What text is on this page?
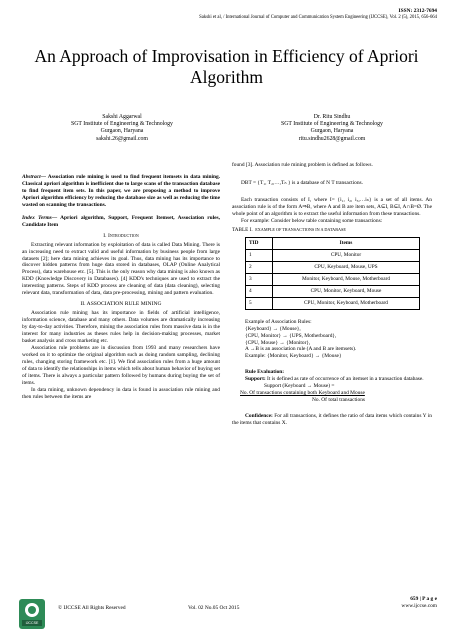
ISSN: 2312-7694
Sakshi et al, / International Journal of Computer and Communication System Engineering (IJCCSE), Vol. 2 (5), 2015, 656-664
An Approach of Improvisation in Efficiency of Apriori Algorithm
Sakshi Aggarwal
SGT Institute of Engineering & Technology
Gurgaon, Haryana
sakshi.26@gmail.com
Dr. Ritu Sindhu
SGT Institute of Engineering & Technology
Gurgaon, Haryana
ritu.sindhu2628@gmail.com

Abstract— Association rule mining is used to find frequent itemsets in data mining. Classical apriori algorithm is inefficient due to large scans of the transaction database to find frequent item sets. In this paper, we are proposing a method to improve Apriori algorithm efficiency by reducing the database size as well as reducing the time wasted on scanning the transactions.

Index Terms— Apriori algorithm, Support, Frequent Itemset, Association rules, Candidate Item

I. Introduction

Extracting relevant information by exploitation of data is called Data Mining. There is an increasing need to extract valid and useful information by business people from large datasets [2]; here data mining achieves its goal. Thus, data mining has its importance to discover hidden patterns from huge data stored in databases, OLAP (Online Analytical Process), data warehouse etc. [5]. This is the only reason why data mining is also known as KDD (Knowledge Discovery in Databases). [4] KDD's techniques are used to extract the interesting patterns. Steps of KDD process are cleaning of data (data cleaning), selecting relevant data, transformation of data, data pre-processing, mining and pattern evaluation.

II. ASSOCIATION RULE MINING

Association rule mining has its importance in fields of artificial intelligence, information science, database and many others. Data volumes are dramatically increasing by day-to-day activities. Therefore, mining the association rules from massive data is in the interest for many industries as theses rules help in decision-making processes, market basket analysis and cross marketing etc.

Association rule problems are in discussion from 1993 and many researchers have worked on it to optimize the original algorithm such as doing random sampling, declining rules, changing storing framework etc. [1]. We find association rules from a huge amount of data to identify the relationships in items which tells about human behavior of buying set of items. There is always a particular pattern followed by humans during buying the set of items.

In data mining, unknown dependency in data is found in association rule mining and then rules between the items are

found [3]. Association rule mining problem is defined as follows.

DBT = {T₁, T₂,…,Tₙ } is a database of N T transactions.

Each transaction consists of I, where I= {i₁, i₂, i₃,…iₙ} is a set of all items. An association rule is of the form A⇒B, where A and B are item sets, A⊆I, B⊆I, A∩B=Ø. The whole point of an algorithm is to extract the useful information from these transactions.

For example: Consider below table containing some transactions:

TABLE I. EXAMPLE OF TRANSACTIONS IN A DATABASE
TID	Items
1	CPU, Monitor
2	CPU, Keyboard, Mouse, UPS
3	Monitor, Keyboard, Mouse, Motherboard
4	CPU, Monitor, Keyboard, Mouse
5	CPU, Monitor, Keyboard, Motherboard
Example of Association Rules:
{Keyboard} → {Mouse},
{CPU, Monitor} → {UPS, Motherboard},
{CPU, Mouse} → {Monitor},
A →B is an association rule (A and B are itemsets).
Example: {Monitor, Keyboard} → {Mouse}

Rule Evaluation:

Support: It is defined as rate of occurrence of an itemset in a transaction database.

Support (Keyboard → Mouse) =
No. Of transactions containing both Keyboard and Mouse
No. Of total transactions

Confidence: For all transactions, it defines the ratio of data items which contains Y in the items that contains X.

IJCCSE
© IJCCSE All Rights Reserved	Vol. 02 No.05 Oct 2015
659 | P a g e
www.ijccse.com
